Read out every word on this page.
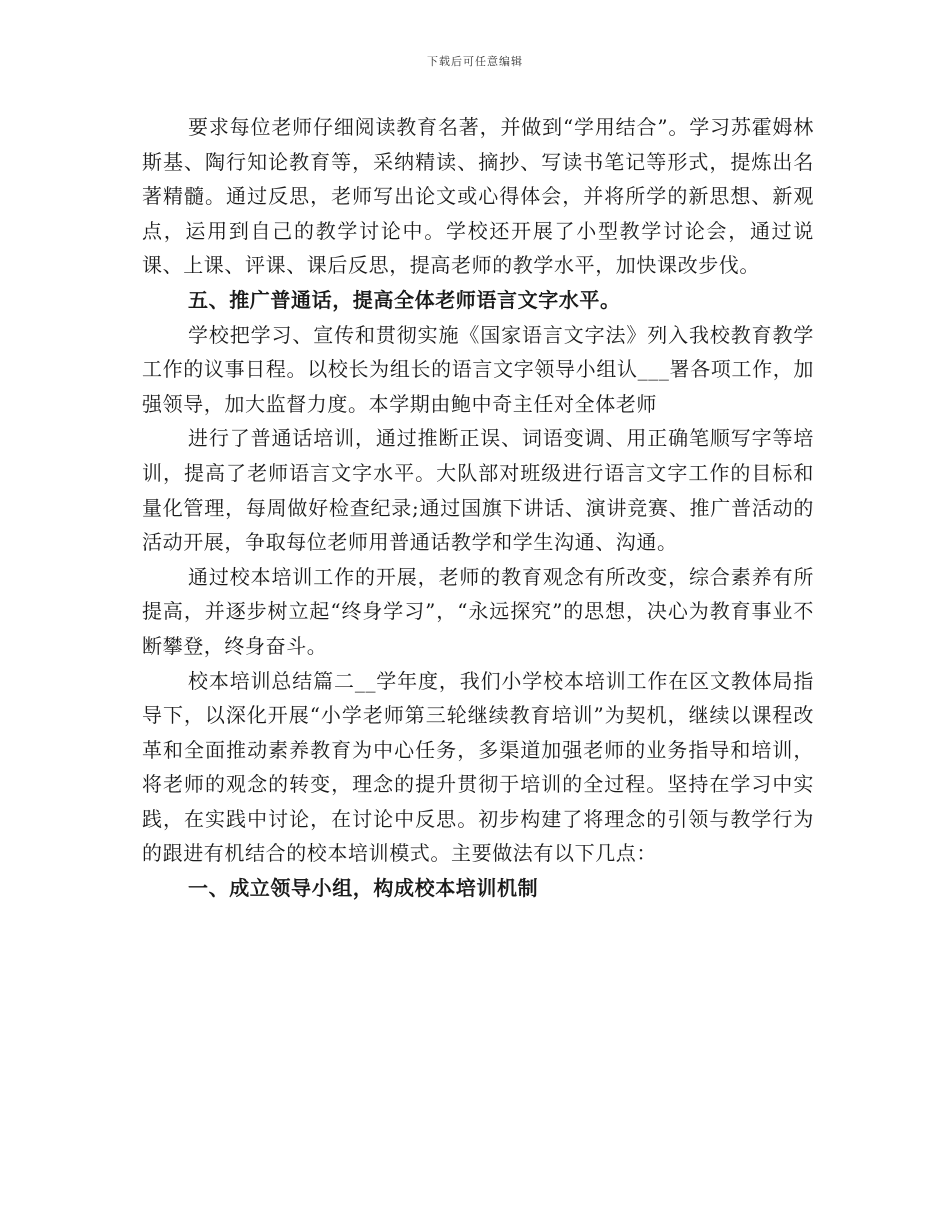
下载后可任意编辑

要求每位老师仔细阅读教育名著，并做到“学用结合”。学习苏霍姆林斯基、陶行知论教育等，采纳精读、摘抄、写读书笔记等形式，提炼出名著精髓。通过反思，老师写出论文或心得体会，并将所学的新思想、新观点，运用到自己的教学讨论中。学校还开展了小型教学讨论会，通过说课、上课、评课、课后反思，提高老师的教学水平，加快课改步伐。

五、推广普通话，提高全体老师语言文字水平。

学校把学习、宣传和贯彻实施《国家语言文字法》列入我校教育教学工作的议事日程。以校长为组长的语言文字领导小组认___署各项工作，加强领导，加大监督力度。本学期由鲍中奇主任对全体老师

进行了普通话培训，通过推断正误、词语变调、用正确笔顺写字等培训，提高了老师语言文字水平。大队部对班级进行语言文字工作的目标和量化管理，每周做好检查纪录;通过国旗下讲话、演讲竞赛、推广普活动的活动开展，争取每位老师用普通话教学和学生沟通、沟通。

通过校本培训工作的开展，老师的教育观念有所改变，综合素养有所提高，并逐步树立起“终身学习”，“永远探究”的思想，决心为教育事业不断攀登，终身奋斗。

校本培训总结篇二__学年度，我们小学校本培训工作在区文教体局指导下，以深化开展“小学老师第三轮继续教育培训”为契机，继续以课程改革和全面推动素养教育为中心任务，多渠道加强老师的业务指导和培训，将老师的观念的转变，理念的提升贯彻于培训的全过程。坚持在学习中实践，在实践中讨论，在讨论中反思。初步构建了将理念的引领与教学行为的跟进有机结合的校本培训模式。主要做法有以下几点：

一、成立领导小组，构成校本培训机制
